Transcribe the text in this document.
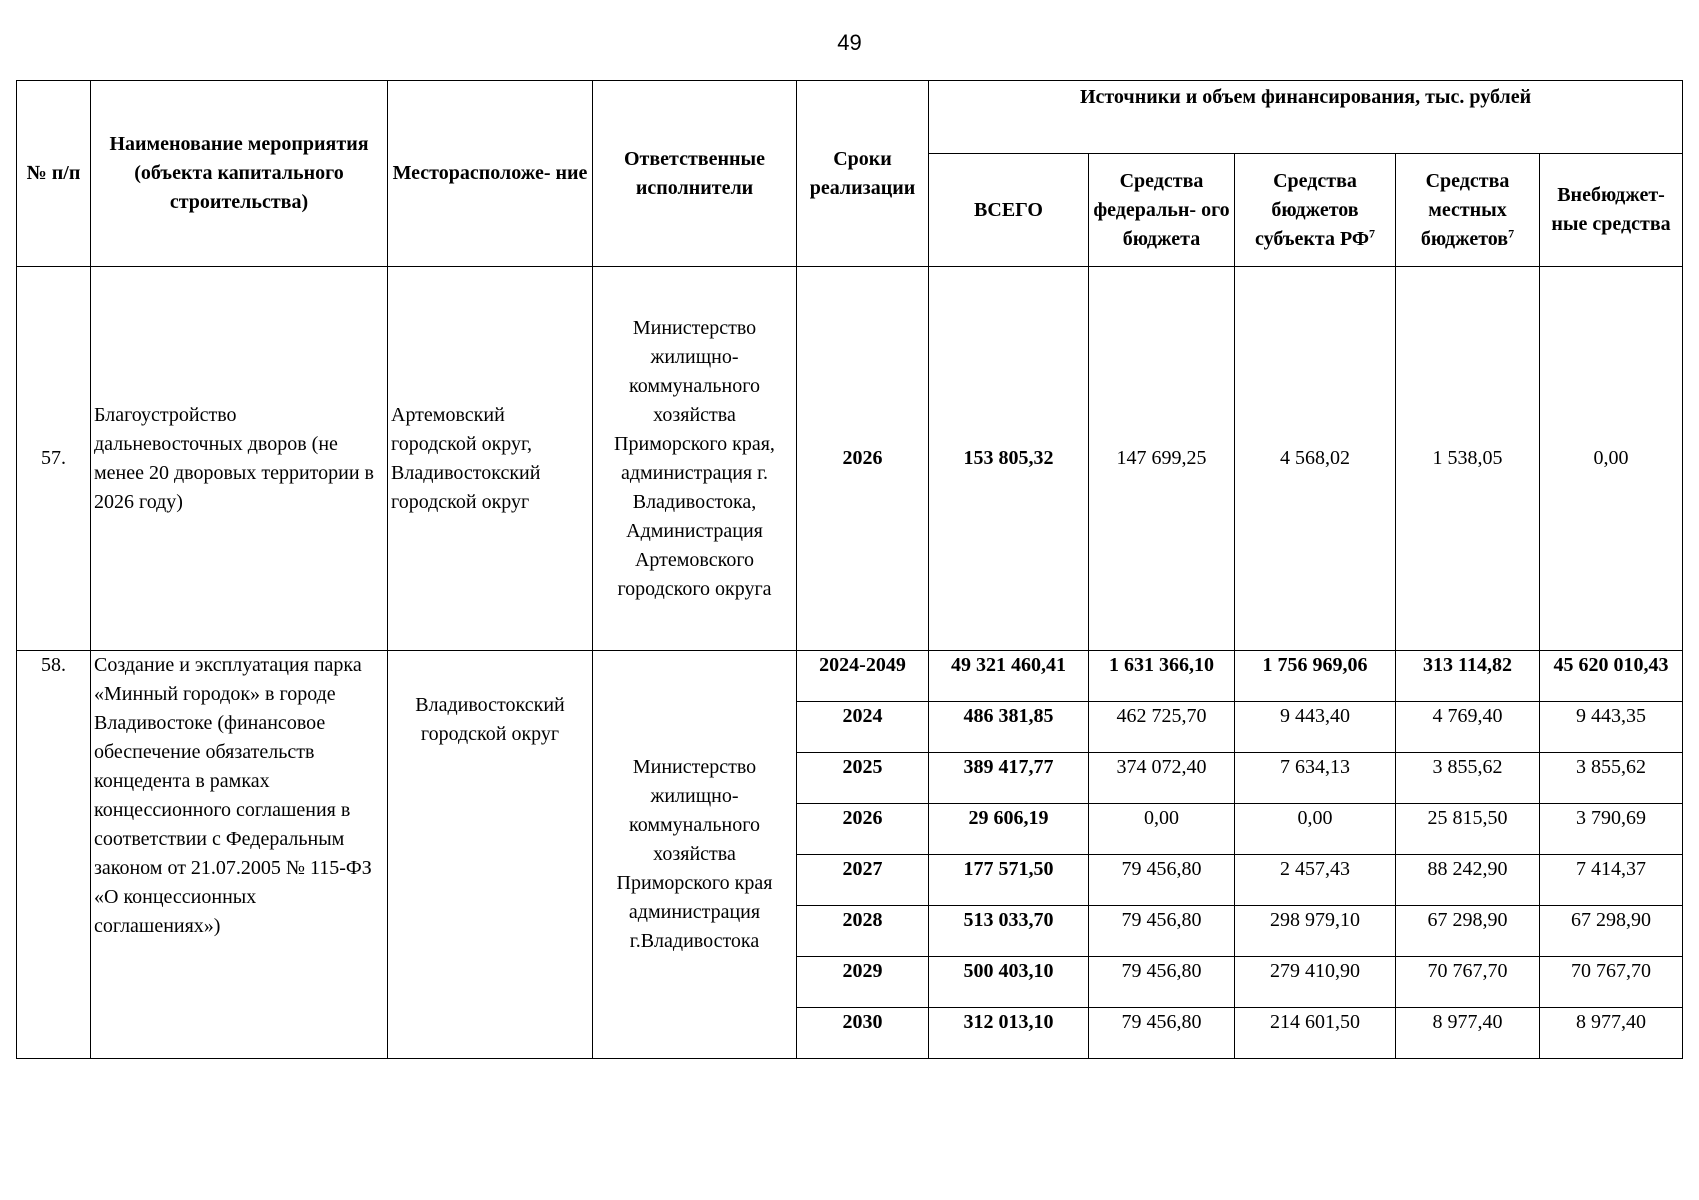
49
№ п/п	Наименование мероприятия (объекта капитального строительства)	Месторасположе- ние	Ответственные исполнители	Сроки реализации	Источники и объем финансирования, тыс. рублей				
					ВСЕГО	Средства федеральн- ого бюджета	Средства бюджетов субъекта $РФ^7$	Средства местных бюджетов$^7$	Внебюджет- ные средства
57.	Благоустройство дальневосточных дворов (не менее 20 дворовых территории в 2026 году)	Артемовский городской округ, Владивостокский городской округ	Министерство жилищно-коммунального хозяйства Приморского края, администрация г. Владивостока, Администрация Артемовского городского округа	2026	153 805,32	147 699,25	4 568,02	1 538,05	0,00
58.	Создание и эксплуатация парка «Минный городок» в городе Владивостоке (финансовое обеспечение обязательств концедента в рамках концессионного соглашения в соответствии с Федеральным законом от 21.07.2005 № 115-ФЗ «О концессионных соглашениях»)	Владивостокский городской округ	Министерство жилищно-коммунального хозяйства Приморского края администрация г.Владивостока	2024-2049	49 321 460,41	1 631 366,10	1 756 969,06	313 114,82	45 620 010,43
				2024	486 381,85	462 725,70	9 443,40	4 769,40	9 443,35
				2025	389 417,77	374 072,40	7 634,13	3 855,62	3 855,62
				2026	29 606,19	0,00	0,00	25 815,50	3 790,69
				2027	177 571,50	79 456,80	2 457,43	88 242,90	7 414,37
				2028	513 033,70	79 456,80	298 979,10	67 298,90	67 298,90
				2029	500 403,10	79 456,80	279 410,90	70 767,70	70 767,70
				2030	312 013,10	79 456,80	214 601,50	8 977,40	8 977,40
